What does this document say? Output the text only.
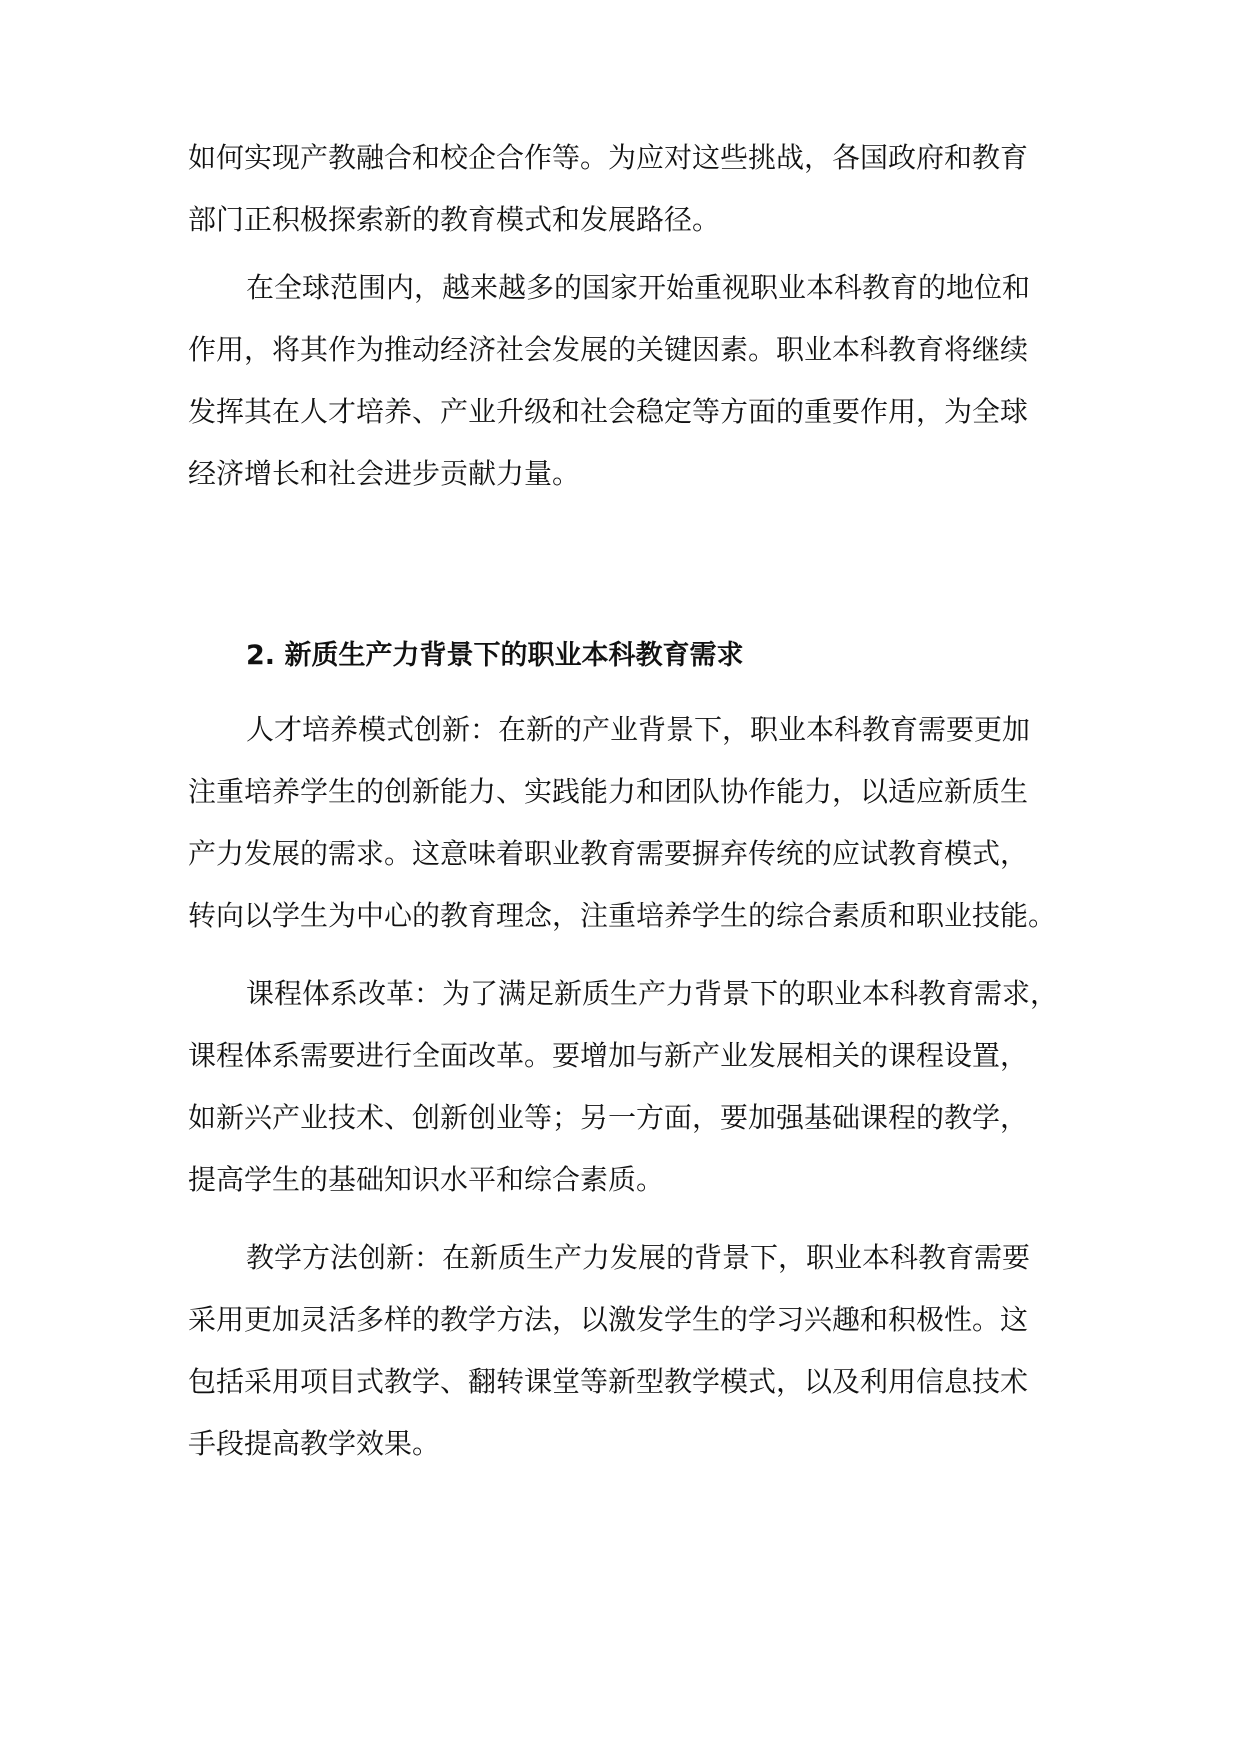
如何实现产教融合和校企合作等。为应对这些挑战，各国政府和教育
部门正积极探索新的教育模式和发展路径。
在全球范围内，越来越多的国家开始重视职业本科教育的地位和
作用，将其作为推动经济社会发展的关键因素。职业本科教育将继续
发挥其在人才培养、产业升级和社会稳定等方面的重要作用，为全球
经济增长和社会进步贡献力量。
2. 新质生产力背景下的职业本科教育需求
人才培养模式创新：在新的产业背景下，职业本科教育需要更加
注重培养学生的创新能力、实践能力和团队协作能力，以适应新质生
产力发展的需求。这意味着职业教育需要摒弃传统的应试教育模式，
转向以学生为中心的教育理念，注重培养学生的综合素质和职业技能。
课程体系改革：为了满足新质生产力背景下的职业本科教育需求，
课程体系需要进行全面改革。要增加与新产业发展相关的课程设置，
如新兴产业技术、创新创业等；另一方面，要加强基础课程的教学，
提高学生的基础知识水平和综合素质。
教学方法创新：在新质生产力发展的背景下，职业本科教育需要
采用更加灵活多样的教学方法，以激发学生的学习兴趣和积极性。这
包括采用项目式教学、翻转课堂等新型教学模式，以及利用信息技术
手段提高教学效果。
